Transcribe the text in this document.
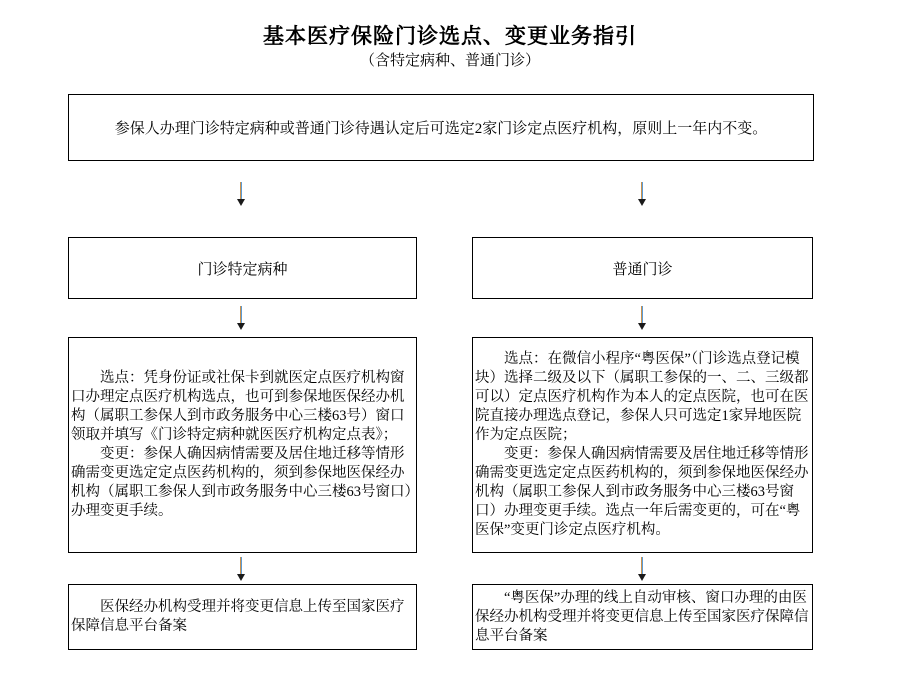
基本医疗保险门诊选点、变更业务指引
（含特定病种、普通门诊）
参保人办理门诊特定病种或普通门诊待遇认定后可选定2家门诊定点医疗机构，原则上一年内不变。
门诊特定病种	普通门诊

选点：凭身份证或社保卡到就医定点医疗机构窗口办理定点医疗机构选点，也可到参保地医保经办机构（属职工参保人到市政务服务中心三楼63号）窗口领取并填写《门诊特定病种就医医疗机构定点表》；

变更：参保人确因病情需要及居住地迁移等情形确需变更选定定点医药机构的，须到参保地医保经办机构（属职工参保人到市政务服务中心三楼63号窗口）办理变更手续。

选点：在微信小程序“粤医保”（门诊选点登记模块）选择二级及以下（属职工参保的一、二、三级都可以）定点医疗机构作为本人的定点医院，也可在医院直接办理选点登记，参保人只可选定1家异地医院作为定点医院；

变更：参保人确因病情需要及居住地迁移等情形确需变更选定定点医药机构的，须到参保地医保经办机构（属职工参保人到市政务服务中心三楼63号窗口）办理变更手续。选点一年后需变更的，可在“粤医保”变更门诊定点医疗机构。

医保经办机构受理并将变更信息上传至国家医疗保障信息平台备案

“粤医保”办理的线上自动审核、窗口办理的由医保经办机构受理并将变更信息上传至国家医疗保障信息平台备案
